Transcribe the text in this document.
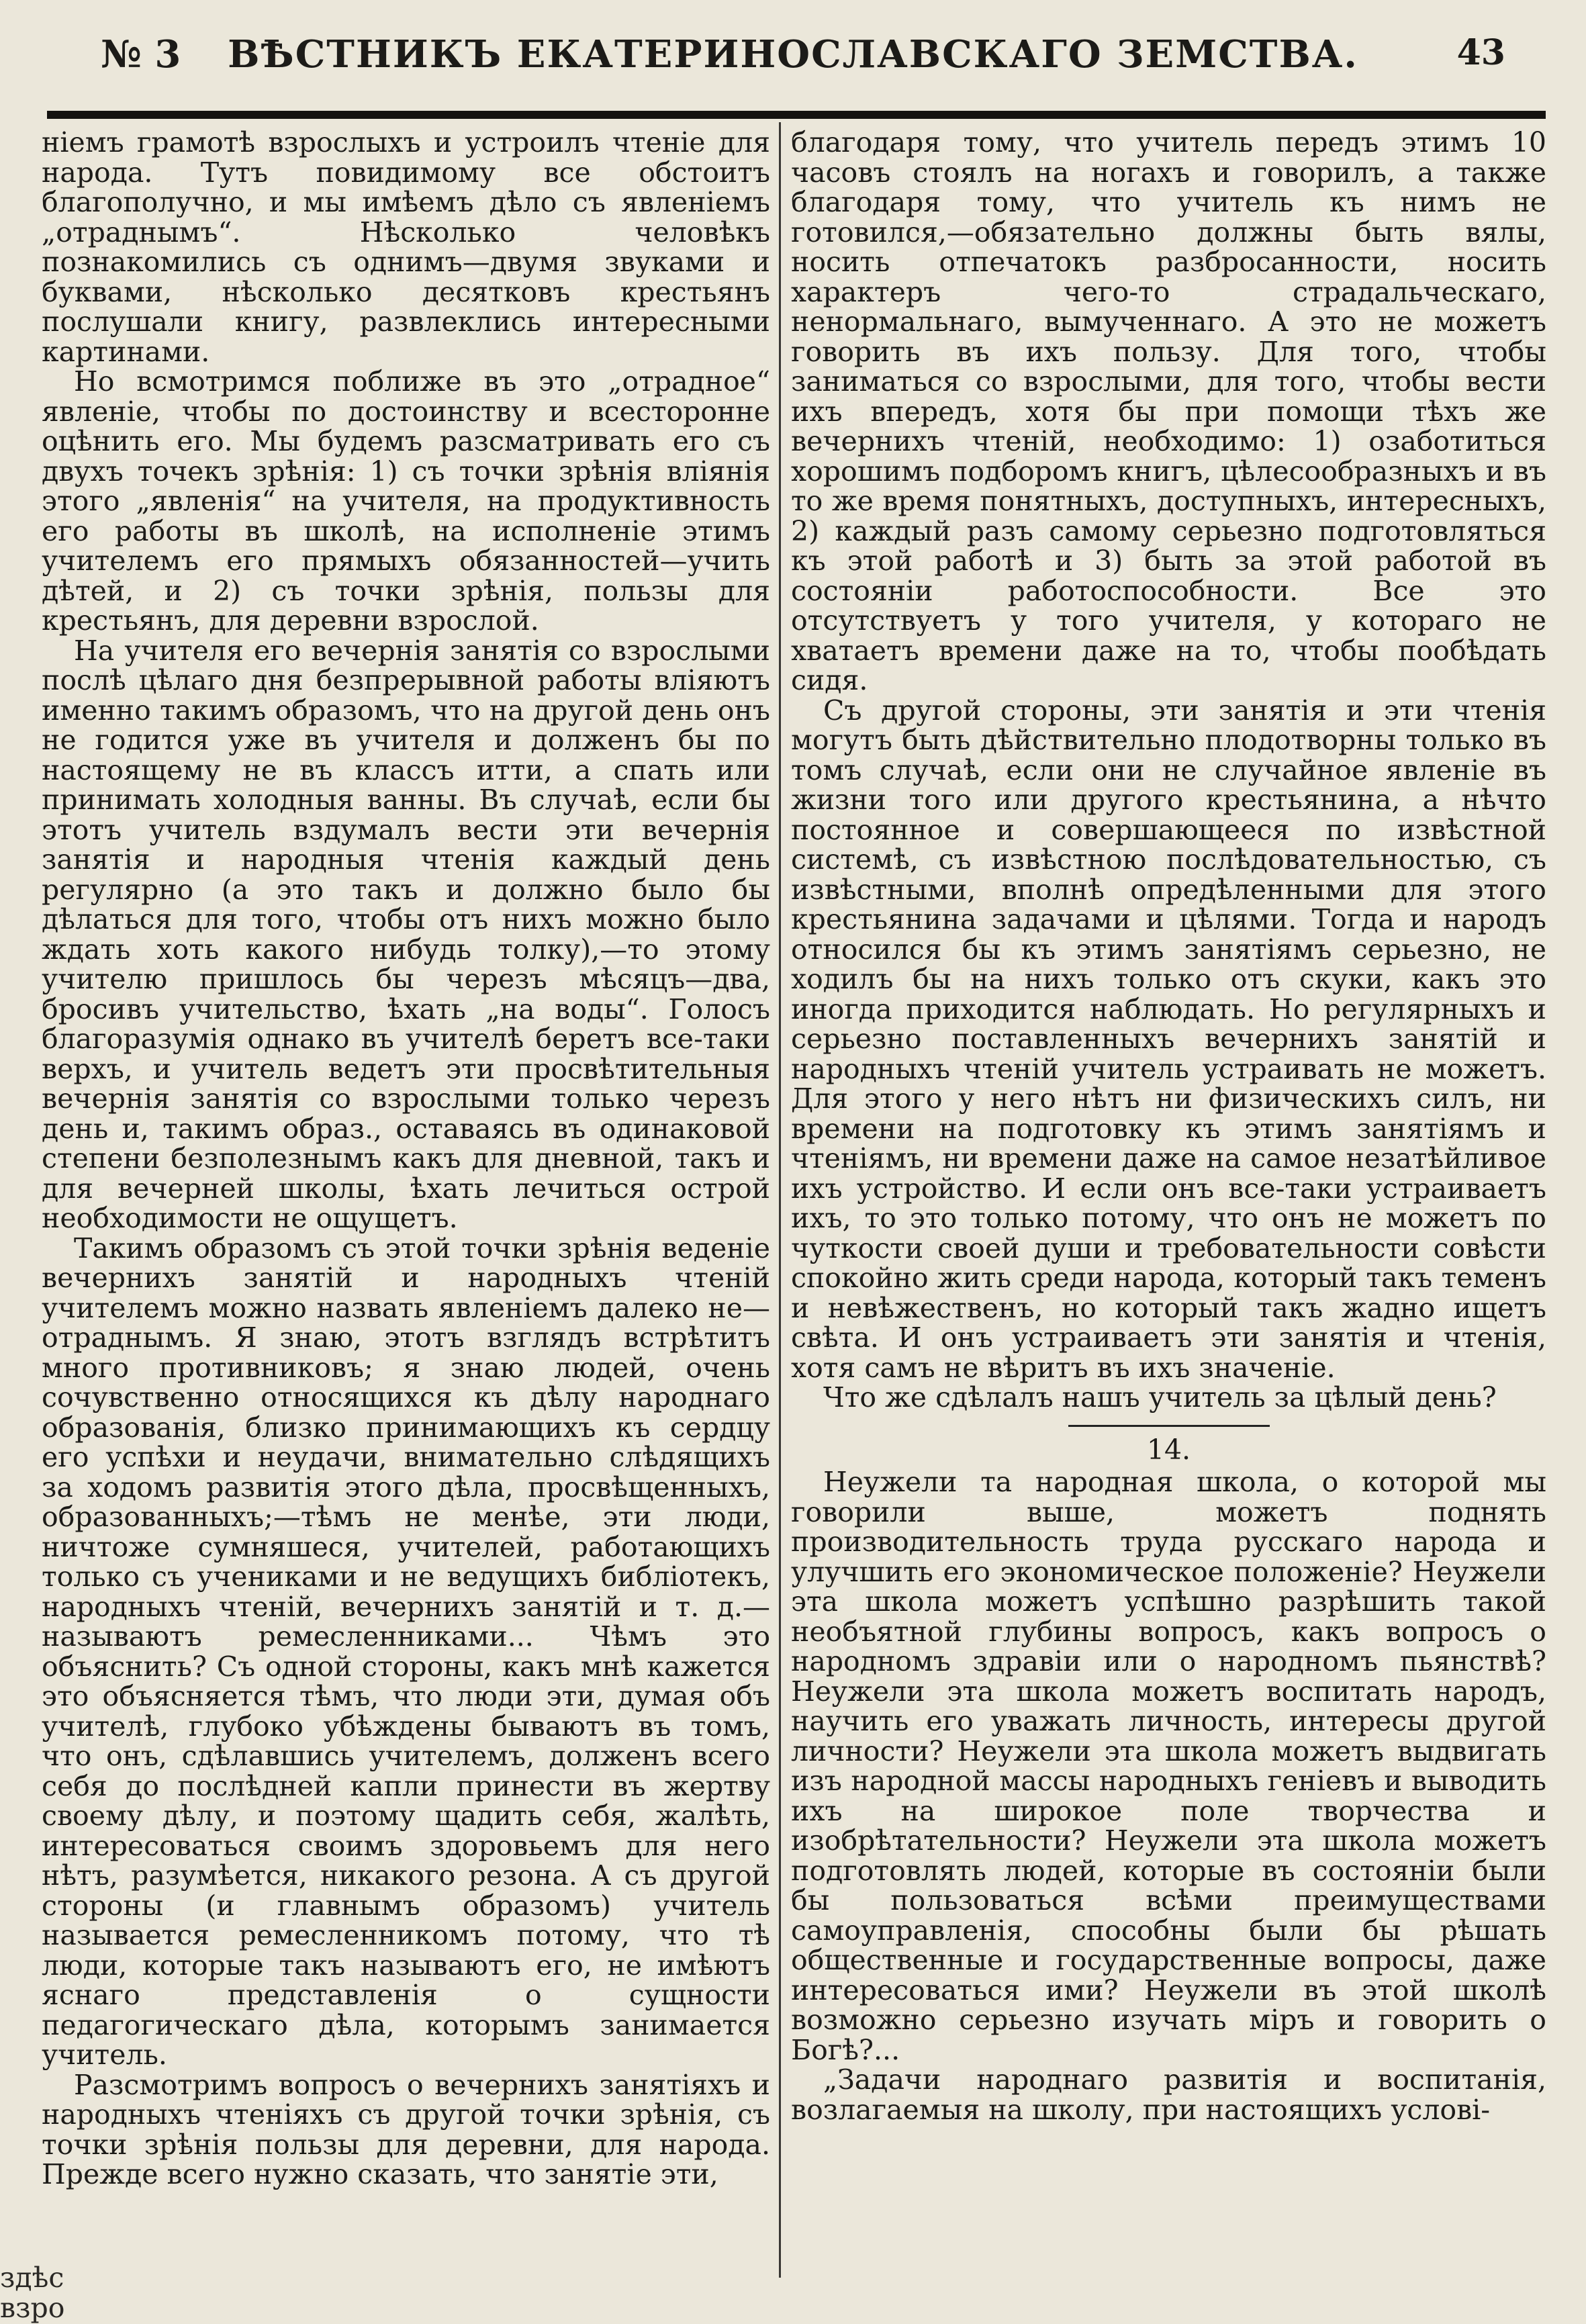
№ 3	ВѢСТНИКЪ ЕКАТЕРИНОСЛАВСКАГО ЗЕМСТВА.	43

ніемъ грамотѣ взрослыхъ и устроилъ чтеніе для народа. Тутъ повидимому все обстоитъ благополучно, и мы имѣемъ дѣло съ явленіемъ „отраднымъ“. Нѣсколько человѣкъ познакомились съ однимъ—двумя звуками и буквами, нѣсколько десятковъ крестьянъ послушали книгу, развлеклись интересными картинами.

Но всмотримся поближе въ это „отрадное“ явленіе, чтобы по достоинству и всесторонне оцѣнить его. Мы будемъ разсматривать его съ двухъ точекъ зрѣнія: 1) съ точки зрѣнія вліянія этого „явленія“ на учителя, на продуктивность его работы въ школѣ, на исполненіе этимъ учителемъ его прямыхъ обязанностей—учить дѣтей, и 2) съ точки зрѣнія, пользы для крестьянъ, для деревни взрослой.

На учителя его вечернія занятія со взрослыми послѣ цѣлаго дня безпрерывной работы вліяютъ именно такимъ образомъ, что на другой день онъ не годится уже въ учителя и долженъ бы по настоящему не въ классъ итти, а спать или принимать холодныя ванны. Въ случаѣ, если бы этотъ учитель вздумалъ вести эти вечернія занятія и народныя чтенія каждый день регулярно (а это такъ и должно было бы дѣлаться для того, чтобы отъ нихъ можно было ждать хоть какого нибудь толку),—то этому учителю пришлось бы черезъ мѣсяцъ—два, бросивъ учительство, ѣхать „на воды“. Голосъ благоразумія однако въ учителѣ беретъ все-таки верхъ, и учитель ведетъ эти просвѣтительныя вечернія занятія со взрослыми только черезъ день и, такимъ образ., оставаясь въ одинаковой степени безполезнымъ какъ для дневной, такъ и для вечерней школы, ѣхать лечиться острой необходимости не ощущетъ.

Такимъ образомъ съ этой точки зрѣнія веденіе вечернихъ занятій и народныхъ чтеній учителемъ можно назвать явленіемъ далеко не—отраднымъ. Я знаю, этотъ взглядъ встрѣтитъ много противниковъ; я знаю людей, очень сочувственно относящихся къ дѣлу народнаго образованія, близко принимающихъ къ сердцу его успѣхи и неудачи, внимательно слѣдящихъ за ходомъ развитія этого дѣла, просвѣщенныхъ, образованныхъ;—тѣмъ не менѣе, эти люди, ничтоже сумняшеся, учителей, работающихъ только съ учениками и не ведущихъ библіотекъ, народныхъ чтеній, вечернихъ занятій и т. д.—называютъ ремесленниками... Чѣмъ это объяснить? Съ одной стороны, какъ мнѣ кажется это объясняется тѣмъ, что люди эти, думая объ учителѣ, глубоко убѣждены бываютъ въ томъ, что онъ, сдѣлавшись учителемъ, долженъ всего себя до послѣдней капли принести въ жертву своему дѣлу, и поэтому щадить себя, жалѣть, интересоваться своимъ здоровьемъ для него нѣтъ, разумѣется, никакого резона. А съ другой стороны (и главнымъ образомъ) учитель называется ремесленникомъ потому, что тѣ люди, которые такъ называютъ его, не имѣютъ яснаго представленія о сущности педагогическаго дѣла, которымъ занимается учитель.

Разсмотримъ вопросъ о вечернихъ занятіяхъ и народныхъ чтеніяхъ съ другой точки зрѣнія, съ точки зрѣнія пользы для деревни, для народа. Прежде всего нужно сказать, что занятіе эти,

благодаря тому, что учитель передъ этимъ 10 часовъ стоялъ на ногахъ и говорилъ, а также благодаря тому, что учитель къ нимъ не готовился,—обязательно должны быть вялы, носить отпечатокъ разбросанности, носить характеръ чего-то страдальческаго, ненормальнаго, вымученнаго. А это не можетъ говорить въ ихъ пользу. Для того, чтобы заниматься со взрослыми, для того, чтобы вести ихъ впередъ, хотя бы при помощи тѣхъ же вечернихъ чтеній, необходимо: 1) озаботиться хорошимъ подборомъ книгъ, цѣлесообразныхъ и въ то же время понятныхъ, доступныхъ, интересныхъ, 2) каждый разъ самому серьезно подготовляться къ этой работѣ и 3) быть за этой работой въ состояніи работоспособности. Все это отсутствуетъ у того учителя, у котораго не хватаетъ времени даже на то, чтобы пообѣдать сидя.

Съ другой стороны, эти занятія и эти чтенія могутъ быть дѣйствительно плодотворны только въ томъ случаѣ, если они не случайное явленіе въ жизни того или другого крестьянина, а нѣчто постоянное и совершающееся по извѣстной системѣ, съ извѣстною послѣдовательностью, съ извѣстными, вполнѣ опредѣленными для этого крестьянина задачами и цѣлями. Тогда и народъ относился бы къ этимъ занятіямъ серьезно, не ходилъ бы на нихъ только отъ скуки, какъ это иногда приходится наблюдать. Но регулярныхъ и серьезно поставленныхъ вечернихъ занятій и народныхъ чтеній учитель устраивать не можетъ. Для этого у него нѣтъ ни физическихъ силъ, ни времени на подготовку къ этимъ занятіямъ и чтеніямъ, ни времени даже на самое незатѣйливое ихъ устройство. И если онъ все-таки устраиваетъ ихъ, то это только потому, что онъ не можетъ по чуткости своей души и требовательности совѣсти спокойно жить среди народа, который такъ теменъ и невѣжественъ, но который такъ жадно ищетъ свѣта. И онъ устраиваетъ эти занятія и чтенія, хотя самъ не вѣритъ въ ихъ значеніе.

Что же сдѣлалъ нашъ учитель за цѣлый день?

14.

Неужели та народная школа, о которой мы говорили выше, можетъ поднять производительность труда русскаго народа и улучшить его экономическое положеніе? Неужели эта школа можетъ успѣшно разрѣшить такой необъятной глубины вопросъ, какъ вопросъ о народномъ здравіи или о народномъ пьянствѣ? Неужели эта школа можетъ воспитать народъ, научить его уважать личность, интересы другой личности? Неужели эта школа можетъ выдвигать изъ народной массы народныхъ геніевъ и выводить ихъ на широкое поле творчества и изобрѣтательности? Неужели эта школа можетъ подготовлять людей, которые въ состояніи были бы пользоваться всѣми преимуществами самоуправленія, способны были бы рѣшать общественные и государственные вопросы, даже интересоваться ими? Неужели въ этой школѣ возможно серьезно изучать міръ и говорить о Богѣ?...

„Задачи народнаго развитія и воспитанія, возлагаемыя на школу, при настоящихъ услові-

здѣс
взро
